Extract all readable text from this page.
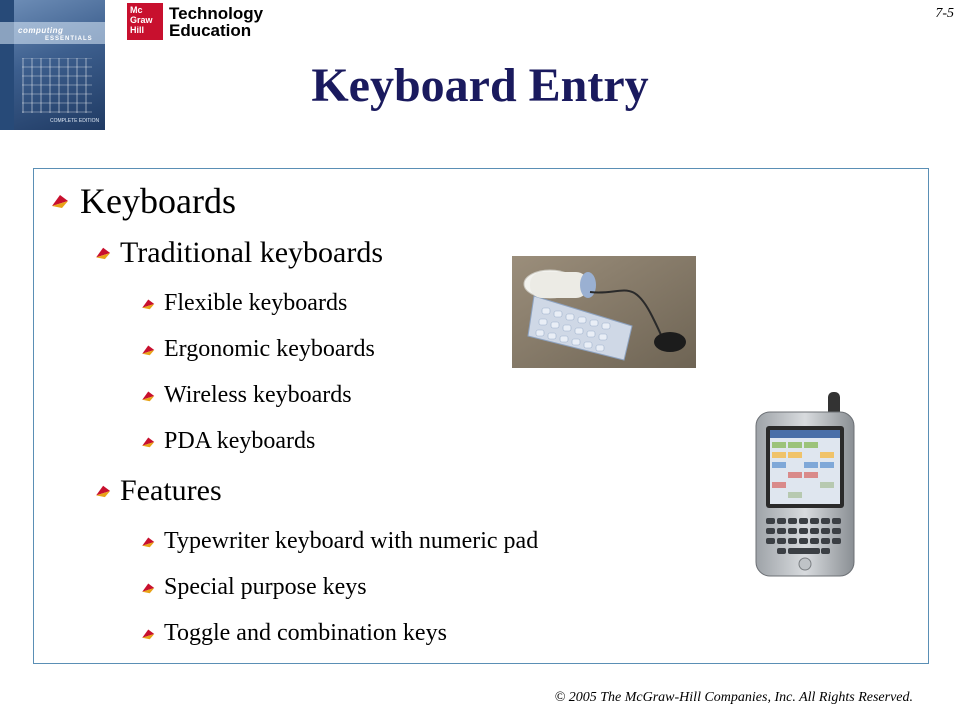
computing
ESSENTIALS
COMPLETE EDITION
Mc Graw Hill
Technology
Education
7-5
Keyboard Entry
Keyboards
Traditional keyboards
Flexible keyboards
Ergonomic keyboards
Wireless keyboards
PDA keyboards
Features
Typewriter keyboard with numeric pad
Special purpose keys
Toggle and combination keys
© 2005 The McGraw-Hill Companies, Inc. All Rights Reserved.
